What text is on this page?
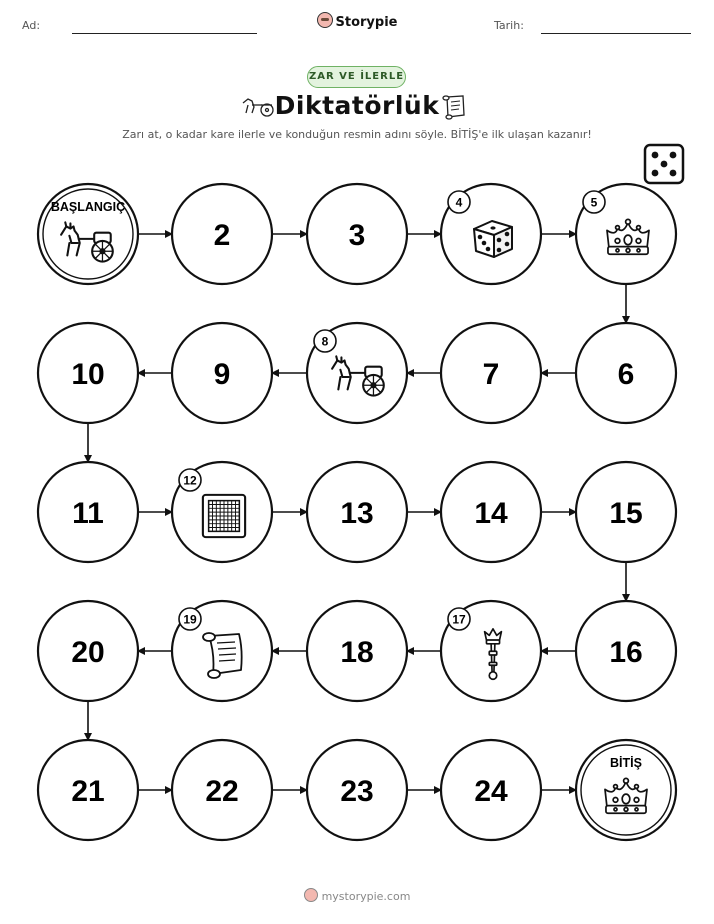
Ad:	Storypie	Tarih:
ZAR VE İLERLE
Diktatörlük
Zarı at, o kadar kare ilerle ve konduğun resmin adını söyle. BİTİŞ'e ilk ulaşan kazanır!
BAŞLANGIÇ
2	3
4	5
6
7
8
9
10
11
12
13	14	15
16
17
18
19
20
21	22	23	24
BİTİŞ
mystorypie.com
